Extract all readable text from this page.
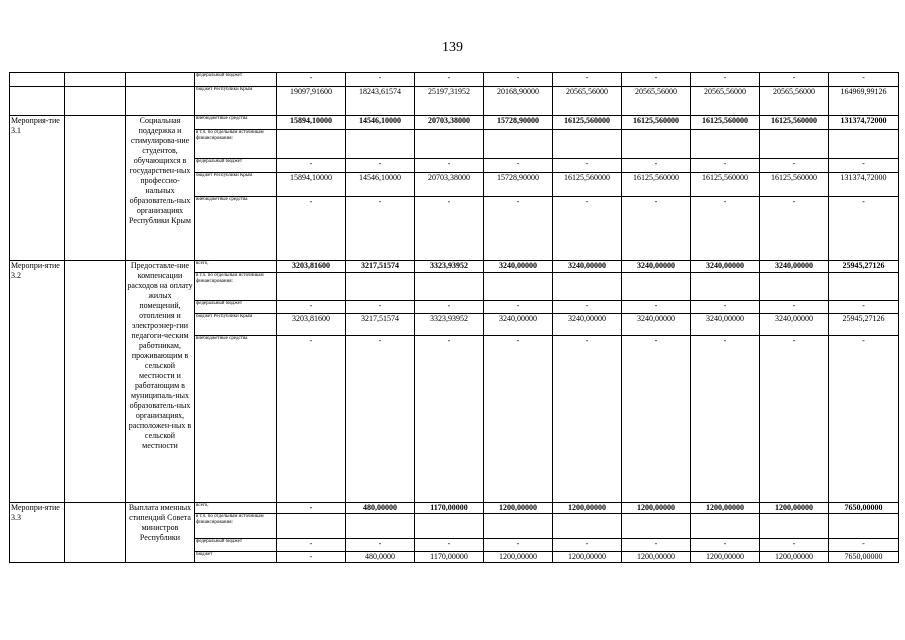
139
			федеральный бюджет	-	-	-	-	-	-	-	-	-
			бюджет Республики Крым	19097,91600	18243,61574	25197,31952	20168,90000	20565,56000	20565,56000	20565,56000	20565,56000	164969,99126
Мероприя-тие 3.1		Социальная поддержка и стимулирова-ние студентов, обучающихся в государствен-ных профессио-нальных образователь-ных организациях Республики Крым	внебюджетные средства	15894,10000	14546,10000	20703,38000	15728,90000	16125,560000	16125,560000	16125,560000	16125,560000	131374,72000
			в т.ч. по отдельным источникам финансирования:									
			федеральный бюджет	-	-	-	-	-	-	-	-	-
			бюджет Республики Крым	15894,10000	14546,10000	20703,38000	15728,90000	16125,560000	16125,560000	16125,560000	16125,560000	131374,72000
			внебюджетные средства	-	-	-	-	-	-	-	-	-
Меропри-ятие 3.2		Предоставле-ние компенсации расходов на оплату жилых помещений, отопления и электроэнер-гии педагоги-ческим работникам, проживающим в сельской местности и работающим в муниципаль-ных образователь-ных организациях, расположен-ных в сельской местности	всего,	3203,81600	3217,51574	3323,93952	3240,00000	3240,00000	3240,00000	3240,00000	3240,00000	25945,27126
			в т.ч. по отдельным источникам финансирования:									
			федеральный бюджет	-	-	-	-	-	-	-	-	-
			бюджет Республики Крым	3203,81600	3217,51574	3323,93952	3240,00000	3240,00000	3240,00000	3240,00000	3240,00000	25945,27126
			внебюджетные средства	-	-	-	-	-	-	-	-	-
Меропри-ятие 3.3		Выплата именных стипендий Совета министров Республики	всего,	-	480,00000	1170,00000	1200,00000	1200,00000	1200,00000	1200,00000	1200,00000	7650,00000
			в т.ч. по отдельным источникам финансирования:									
			федеральный бюджет	-	-	-	-	-	-	-	-	-
			бюджет	-	480,0000	1170,00000	1200,00000	1200,00000	1200,00000	1200,00000	1200,00000	7650,00000
